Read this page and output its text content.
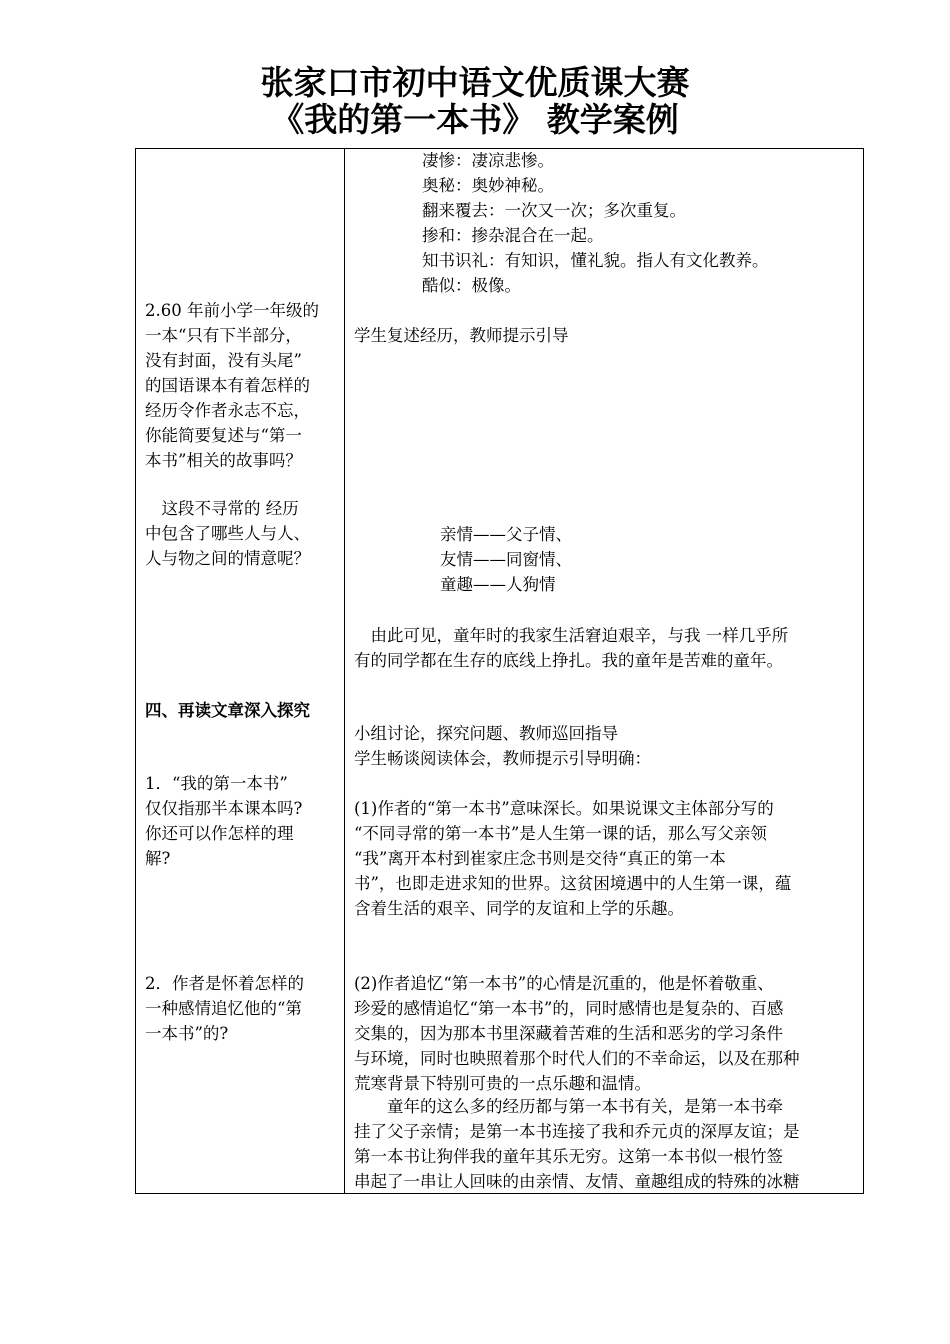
张家口市初中语文优质课大赛
《我的第一本书》 教学案例
2.60 年前小学一年级的
一本“只有下半部分，
没有封面，没有头尾”
的国语课本有着怎样的
经历令作者永志不忘，
你能简要复述与“第一
本书”相关的故事吗？
　这段不寻常的 经历
中包含了哪些人与人、
人与物之间的情意呢？
四、再读文章深入探究
1．“我的第一本书”
仅仅指那半本课本吗?
你还可以作怎样的理
解?
2．作者是怀着怎样的
一种感情追忆他的“第
一本书”的?
凄惨：凄凉悲惨。
奥秘：奥妙神秘。
翻来覆去：一次又一次；多次重复。
掺和：掺杂混合在一起。
知书识礼：有知识，懂礼貌。指人有文化教养。
酷似：极像。
学生复述经历，教师提示引导
亲情——父子情、
友情——同窗情、
童趣——人狗情
　由此可见，童年时的我家生活窘迫艰辛，与我 一样几乎所
有的同学都在生存的底线上挣扎。我的童年是苦难的童年。
小组讨论，探究问题、教师巡回指导
学生畅谈阅读体会，教师提示引导明确：
(1)作者的“第一本书”意味深长。如果说课文主体部分写的
“不同寻常的第一本书”是人生第一课的话，那么写父亲领
“我”离开本村到崔家庄念书则是交待“真正的第一本
书”，也即走进求知的世界。这贫困境遇中的人生第一课，蕴
含着生活的艰辛、同学的友谊和上学的乐趣。
(2)作者追忆“第一本书”的心情是沉重的，他是怀着敬重、
珍爱的感情追忆“第一本书”的，同时感情也是复杂的、百感
交集的，因为那本书里深藏着苦难的生活和恶劣的学习条件
与环境，同时也映照着那个时代人们的不幸命运，以及在那种
荒寒背景下特别可贵的一点乐趣和温情。
　　童年的这么多的经历都与第一本书有关，是第一本书牵
挂了父子亲情；是第一本书连接了我和乔元贞的深厚友谊；是
第一本书让狗伴我的童年其乐无穷。这第一本书似一根竹签
串起了一串让人回味的由亲情、友情、童趣组成的特殊的冰糖
